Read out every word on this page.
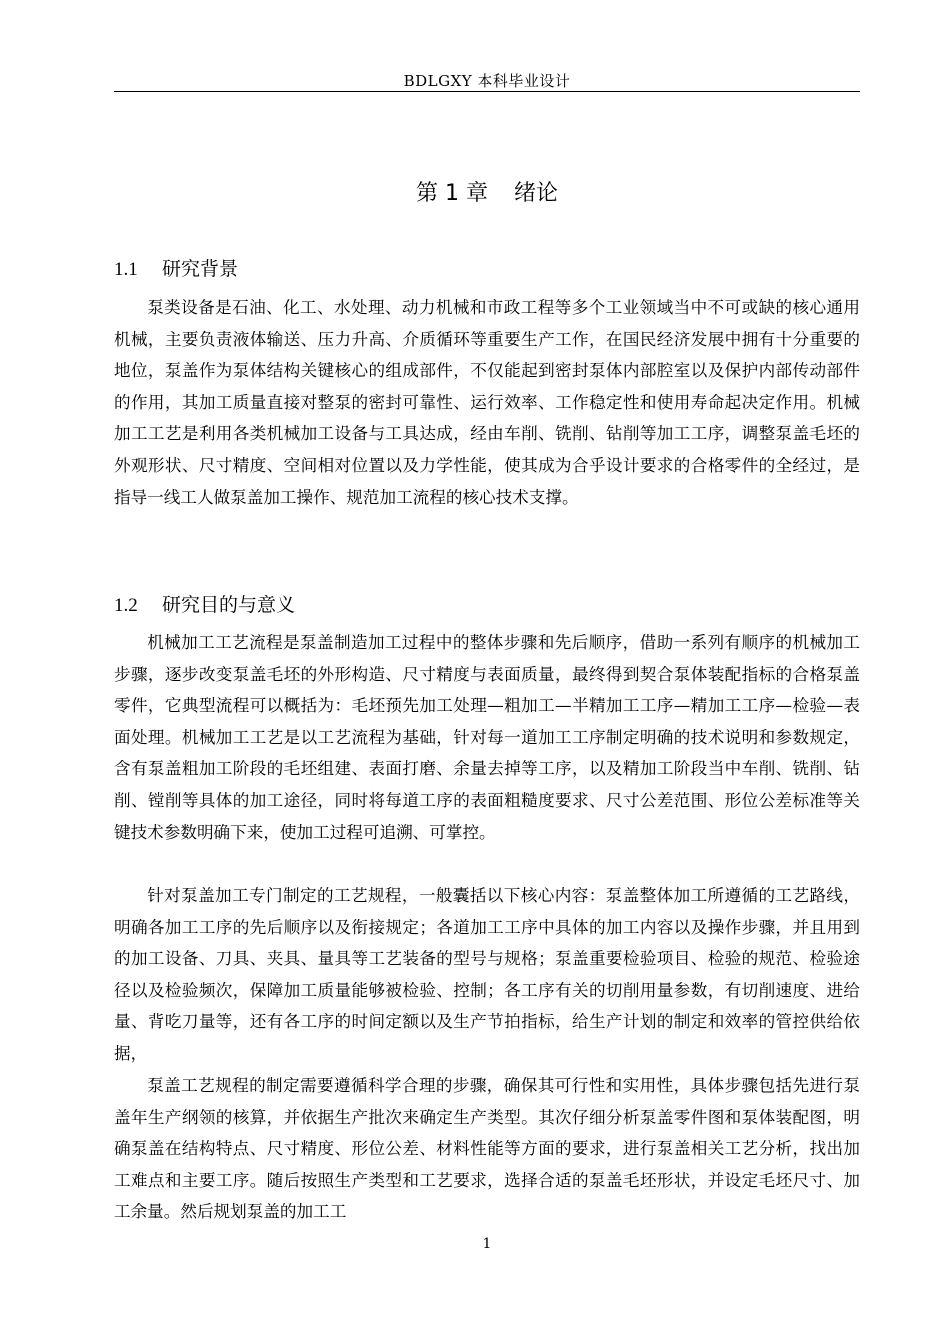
BDLGXY 本科毕业设计
第 1 章 绪论
1.1 研究背景

泵类设备是石油、化工、水处理、动力机械和市政工程等多个工业领域当中不可或缺的核心通用机械，主要负责液体输送、压力升高、介质循环等重要生产工作，在国民经济发展中拥有十分重要的地位，泵盖作为泵体结构关键核心的组成部件，不仅能起到密封泵体内部腔室以及保护内部传动部件的作用，其加工质量直接对整泵的密封可靠性、运行效率、工作稳定性和使用寿命起决定作用。机械加工工艺是利用各类机械加工设备与工具达成，经由车削、铣削、钻削等加工工序，调整泵盖毛坯的外观形状、尺寸精度、空间相对位置以及力学性能，使其成为合乎设计要求的合格零件的全经过，是指导一线工人做泵盖加工操作、规范加工流程的核心技术支撑。

1.2 研究目的与意义

机械加工工艺流程是泵盖制造加工过程中的整体步骤和先后顺序，借助一系列有顺序的机械加工步骤，逐步改变泵盖毛坯的外形构造、尺寸精度与表面质量，最终得到契合泵体装配指标的合格泵盖零件，它典型流程可以概括为：毛坯预先加工处理—粗加工—半精加工工序—精加工工序—检验—表面处理。机械加工工艺是以工艺流程为基础，针对每一道加工工序制定明确的技术说明和参数规定，含有泵盖粗加工阶段的毛坯组建、表面打磨、余量去掉等工序，以及精加工阶段当中车削、铣削、钻削、镗削等具体的加工途径，同时将每道工序的表面粗糙度要求、尺寸公差范围、形位公差标准等关键技术参数明确下来，使加工过程可追溯、可掌控。

针对泵盖加工专门制定的工艺规程，一般囊括以下核心内容：泵盖整体加工所遵循的工艺路线，明确各加工工序的先后顺序以及衔接规定；各道加工工序中具体的加工内容以及操作步骤，并且用到的加工设备、刀具、夹具、量具等工艺装备的型号与规格；泵盖重要检验项目、检验的规范、检验途径以及检验频次，保障加工质量能够被检验、控制；各工序有关的切削用量参数，有切削速度、进给量、背吃刀量等，还有各工序的时间定额以及生产节拍指标，给生产计划的制定和效率的管控供给依据，

泵盖工艺规程的制定需要遵循科学合理的步骤，确保其可行性和实用性，具体步骤包括先进行泵盖年生产纲领的核算，并依据生产批次来确定生产类型。其次仔细分析泵盖零件图和泵体装配图，明确泵盖在结构特点、尺寸精度、形位公差、材料性能等方面的要求，进行泵盖相关工艺分析，找出加工难点和主要工序。随后按照生产类型和工艺要求，选择合适的泵盖毛坯形状，并设定毛坯尺寸、加工余量。然后规划泵盖的加工工

1
